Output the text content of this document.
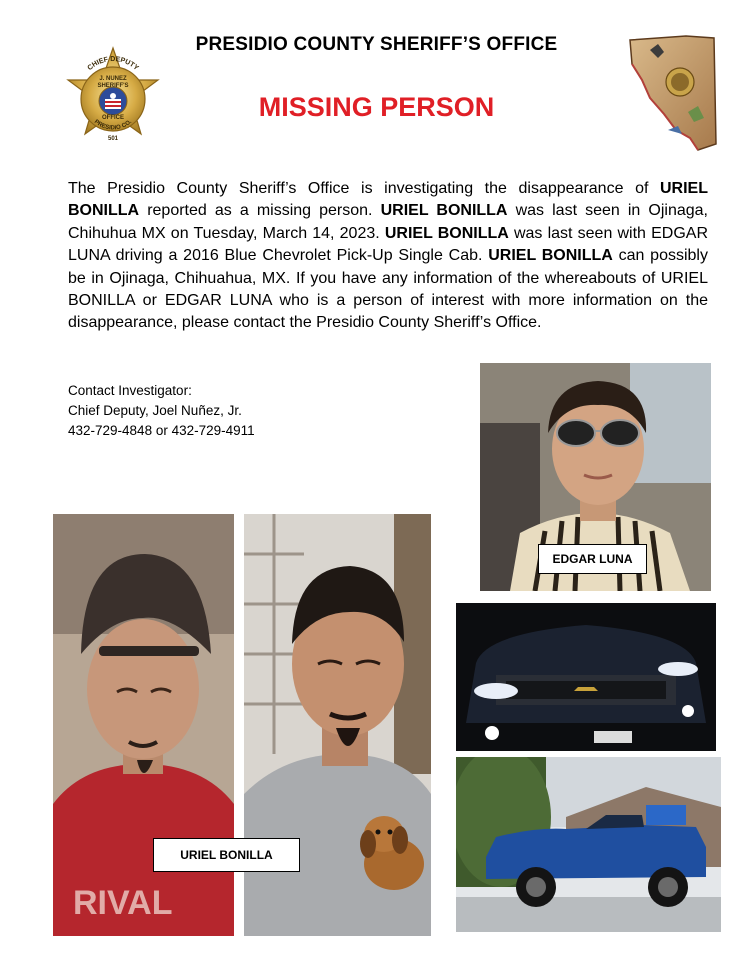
PRESIDIO COUNTY SHERIFF’S OFFICE
MISSING PERSON
CHIEF DEPUTY
J. NUNEZ
SHERIFF'S
OFFICE
PRESIDIO CO.
501
The Presidio County Sheriff’s Office is investigating the disappearance of URIEL BONILLA reported as a missing person. URIEL BONILLA was last seen in Ojinaga, Chihuhua MX on Tuesday, March 14, 2023. URIEL BONILLA was last seen with EDGAR LUNA driving a 2016 Blue Chevrolet Pick-Up Single Cab. URIEL BONILLA can possibly be in Ojinaga, Chihuahua, MX. If you have any information of the whereabouts of URIEL BONILLA or EDGAR LUNA who is a person of interest with more information on the disappearance, please contact the Presidio County Sheriff’s Office.
Contact Investigator:
Chief Deputy, Joel Nuñez, Jr.
432-729-4848 or 432-729-4911
EDGAR LUNA
RIVAL
URIEL BONILLA
